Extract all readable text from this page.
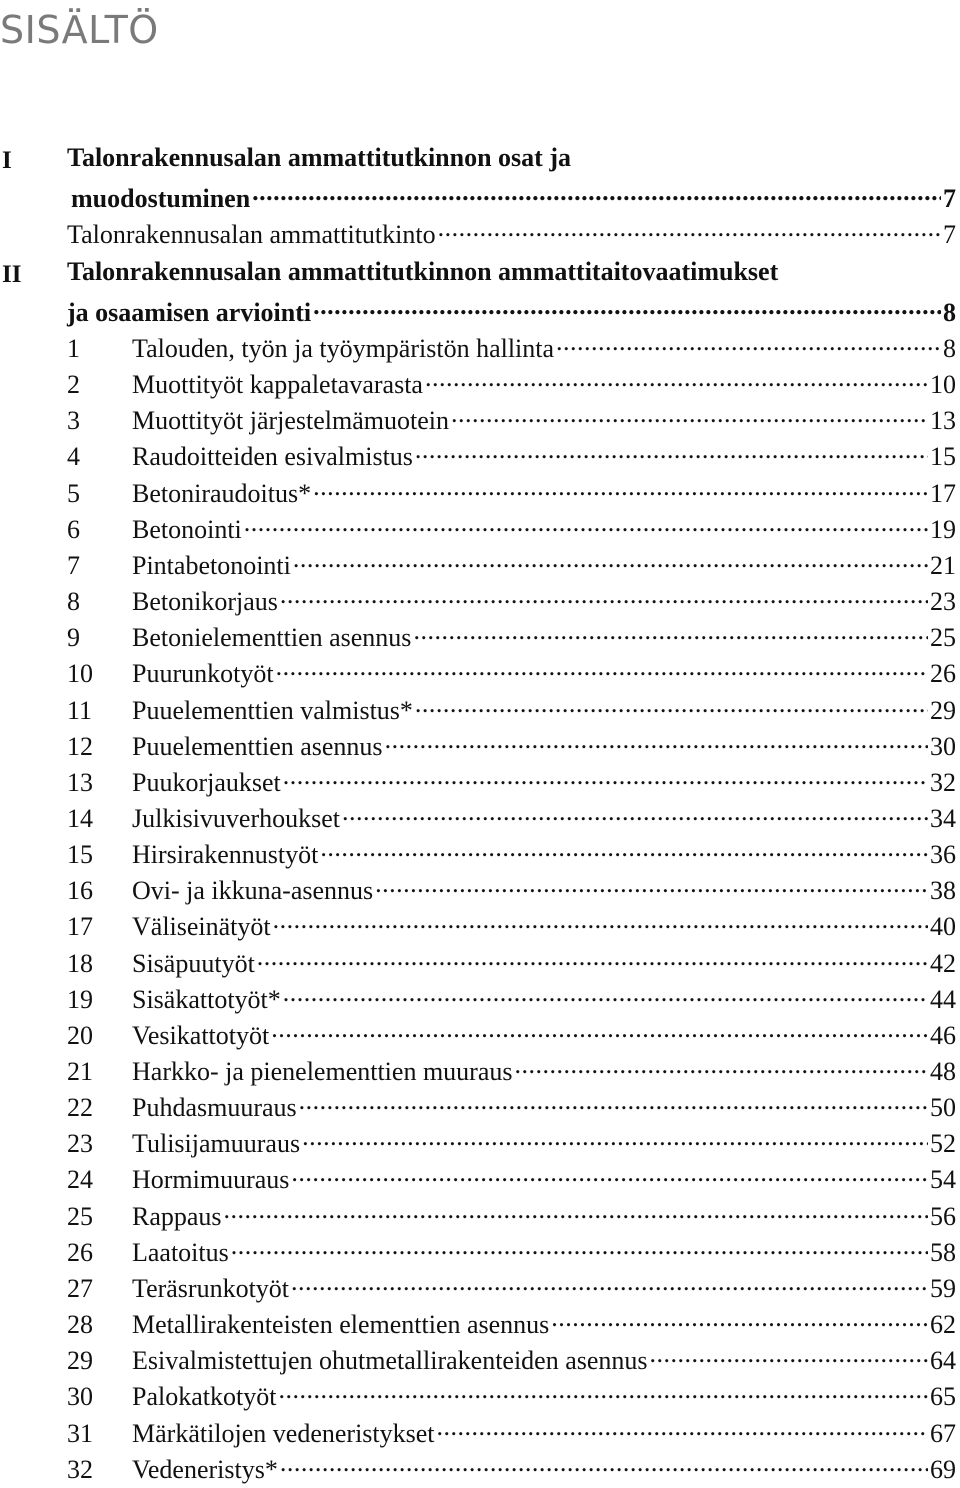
SISÄLTÖ
I Talonrakennusalan ammattitutkinnon osat ja
muodostuminen .....	7
Talonrakennusalan ammattitutkinto .....	7
II Talonrakennusalan ammattitutkinnon ammattitaitovaatimukset
ja osaamisen arviointi .....	8
1	Talouden, työn ja työympäristön hallinta .....	8
2	Muottityöt kappaletavarasta .....	10
3	Muottityöt järjestelmämuotein .....	13
4	Raudoitteiden esivalmistus .....	15
5	Betoniraudoitus* .....	17
6	Betonointi .....	19
7	Pintabetonointi .....	21
8	Betonikorjaus .....	23
9	Betonielementtien asennus .....	25
10	Puurunkotyöt .....	26
11	Puuelementtien valmistus* .....	29
12	Puuelementtien asennus .....	30
13	Puukorjaukset .....	32
14	Julkisivuverhoukset .....	34
15	Hirsirakennustyöt .....	36
16	Ovi- ja ikkuna-asennus .....	38
17	Väliseinätyöt .....	40
18	Sisäpuutyöt .....	42
19	Sisäkattotyöt* .....	44
20	Vesikattotyöt .....	46
21	Harkko- ja pienelementtien muuraus .....	48
22	Puhdasmuuraus .....	50
23	Tulisijamuuraus .....	52
24	Hormimuuraus .....	54
25	Rappaus .....	56
26	Laatoitus .....	58
27	Teräsrunkotyöt .....	59
28	Metallirakenteisten elementtien asennus .....	62
29	Esivalmistettujen ohutmetallirakenteiden asennus .....	64
30	Palokatkotyöt .....	65
31	Märkätilojen vedeneristykset .....	67
32	Vedeneristys* .....	69
